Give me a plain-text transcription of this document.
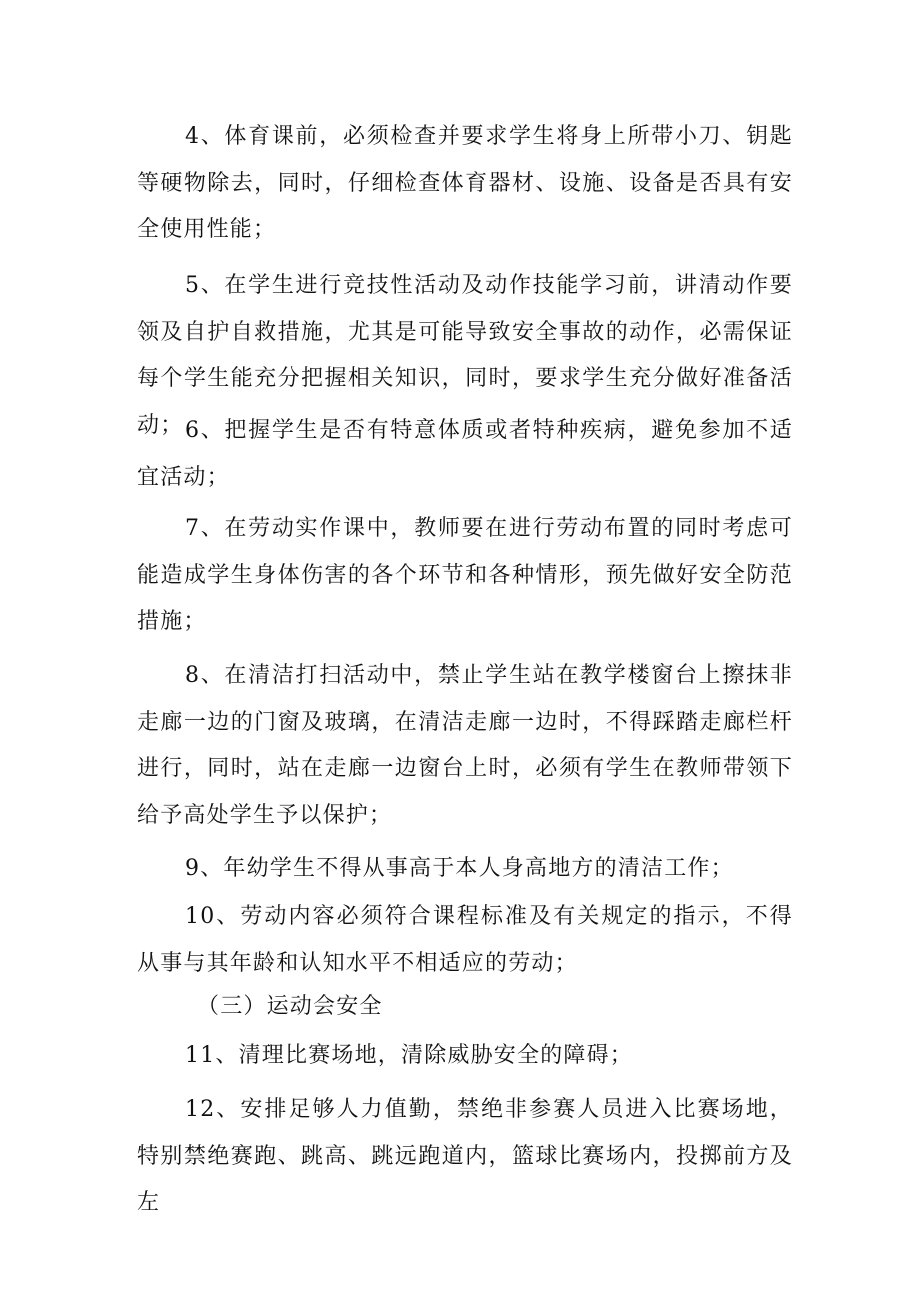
4、体育课前，必须检查并要求学生将身上所带小刀、钥匙等硬物除去，同时，仔细检查体育器材、设施、设备是否具有安全使用性能；

5、在学生进行竞技性活动及动作技能学习前，讲清动作要领及自护自救措施，尤其是可能导致安全事故的动作，必需保证每个学生能充分把握相关知识，同时，要求学生充分做好准备活动； 6、把握学生是否有特意体质或者特种疾病，避免参加不适宜活动；

7、在劳动实作课中，教师要在进行劳动布置的同时考虑可能造成学生身体伤害的各个环节和各种情形，预先做好安全防范措施；

8、在清洁打扫活动中，禁止学生站在教学楼窗台上擦抹非走廊一边的门窗及玻璃，在清洁走廊一边时，不得踩踏走廊栏杆进行，同时，站在走廊一边窗台上时，必须有学生在教师带领下给予高处学生予以保护；

9、年幼学生不得从事高于本人身高地方的清洁工作；

10、劳动内容必须符合课程标准及有关规定的指示，不得从事与其年龄和认知水平不相适应的劳动；

（三）运动会安全

11、清理比赛场地，清除威胁安全的障碍；

12、安排足够人力值勤，禁绝非参赛人员进入比赛场地，特别禁绝赛跑、跳高、跳远跑道内，篮球比赛场内，投掷前方及左
